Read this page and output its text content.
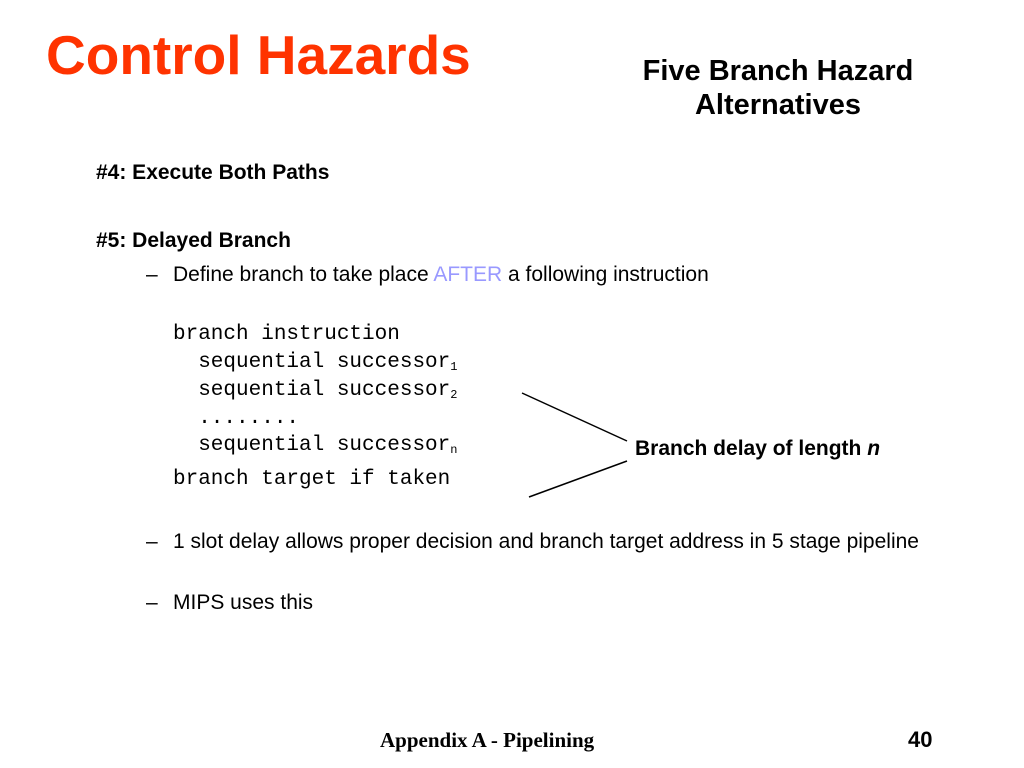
Control Hazards	Five Branch Hazard
Alternatives
#4: Execute Both Paths
#5: Delayed Branch
– Define branch to take place AFTER a following instruction
branch instruction
sequential successor$_1$
sequential successor$_2$
........
sequential successor$_n$
branch target if taken
Branch delay of length n
– 1 slot delay allows proper decision and branch target address in 5 stage pipeline
– MIPS uses this
Appendix A - Pipelining	40
